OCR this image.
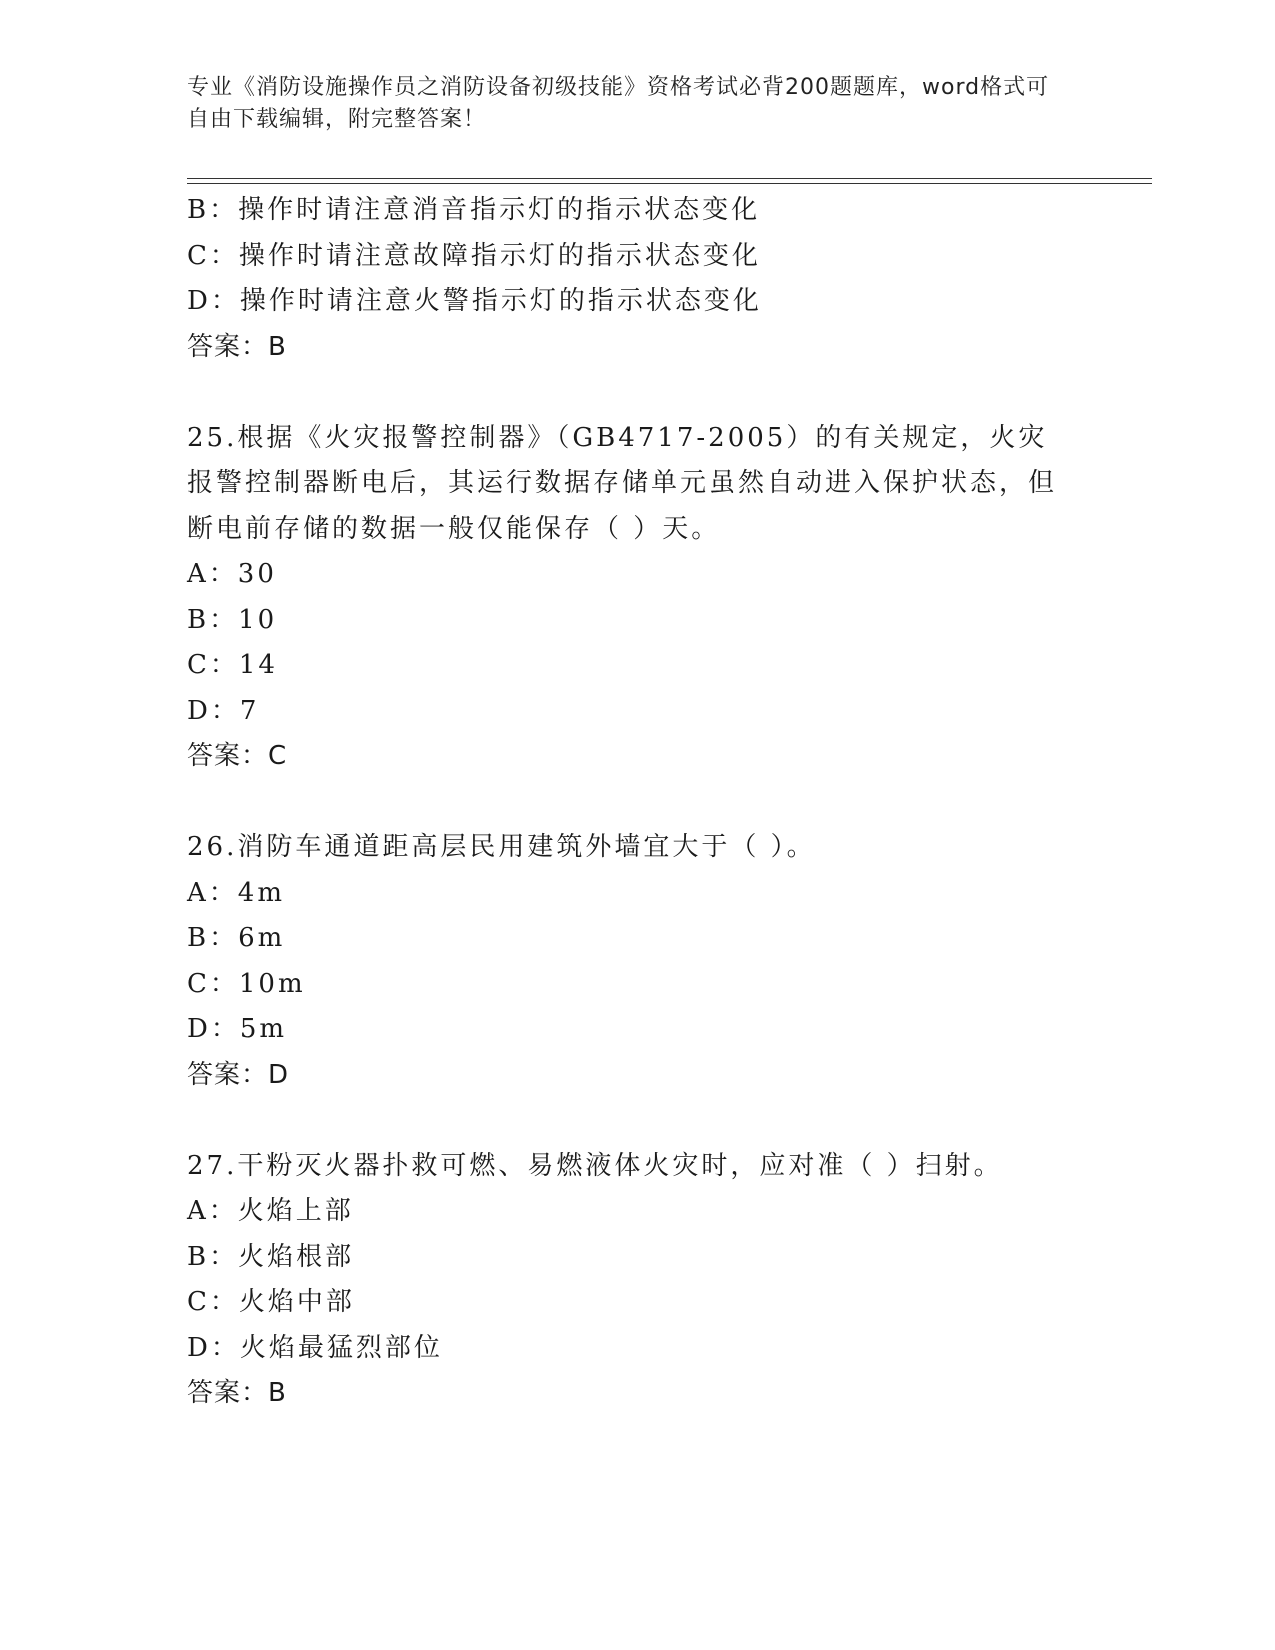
专业《消防设施操作员之消防设备初级技能》资格考试必背200题题库，word格式可自由下载编辑，附完整答案！
B：操作时请注意消音指示灯的指示状态变化
C：操作时请注意故障指示灯的指示状态变化
D：操作时请注意火警指示灯的指示状态变化
答案：B
25.根据《火灾报警控制器》（GB4717-2005）的有关规定，火灾报警控制器断电后，其运行数据存储单元虽然自动进入保护状态，但断电前存储的数据一般仅能保存（ ）天。
A：30
B：10
C：14
D：7
答案：C
26.消防车通道距高层民用建筑外墙宜大于（ ）。
A：4m
B：6m
C：10m
D：5m
答案：D
27.干粉灭火器扑救可燃、易燃液体火灾时，应对准（ ）扫射。
A：火焰上部
B：火焰根部
C：火焰中部
D：火焰最猛烈部位
答案：B
